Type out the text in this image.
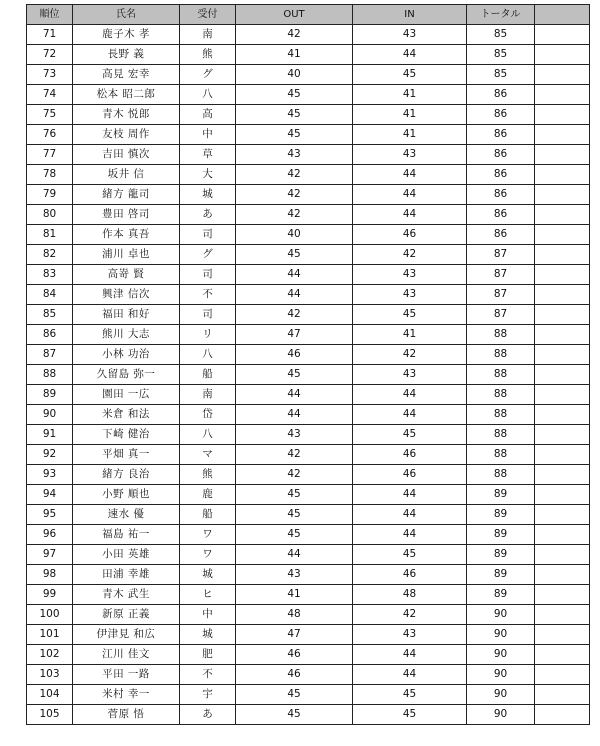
順位	氏名	受付	OUT	IN	トータル	
71	鹿子木 孝	南	42	43	85	
72	長野 義	熊	41	44	85	
73	高見 宏幸	グ	40	45	85	
74	松本 昭二郎	八	45	41	86	
75	青木 悦郎	高	45	41	86	
76	友枝 周作	中	45	41	86	
77	吉田 慎次	草	43	43	86	
78	坂井 信	大	42	44	86	
79	緒方 龍司	城	42	44	86	
80	豊田 啓司	あ	42	44	86	
81	作本 真吾	司	40	46	86	
82	浦川 卓也	グ	45	42	87	
83	高嵜 賢	司	44	43	87	
84	興津 信次	不	44	43	87	
85	福田 和好	司	42	45	87	
86	熊川 大志	リ	47	41	88	
87	小林 功治	八	46	42	88	
88	久留島 弥一	船	45	43	88	
89	園田 一広	南	44	44	88	
90	米倉 和法	岱	44	44	88	
91	下崎 健治	八	43	45	88	
92	平畑 真一	マ	42	46	88	
93	緒方 良治	熊	42	46	88	
94	小野 順也	鹿	45	44	89	
95	速水 優	船	45	44	89	
96	福島 祐一	ワ	45	44	89	
97	小田 英雄	ワ	44	45	89	
98	田浦 幸雄	城	43	46	89	
99	青木 武生	ヒ	41	48	89	
100	新原 正義	中	48	42	90	
101	伊津見 和広	城	47	43	90	
102	江川 佳文	肥	46	44	90	
103	平田 一路	不	46	44	90	
104	米村 幸一	宇	45	45	90	
105	菅原 悟	あ	45	45	90	
